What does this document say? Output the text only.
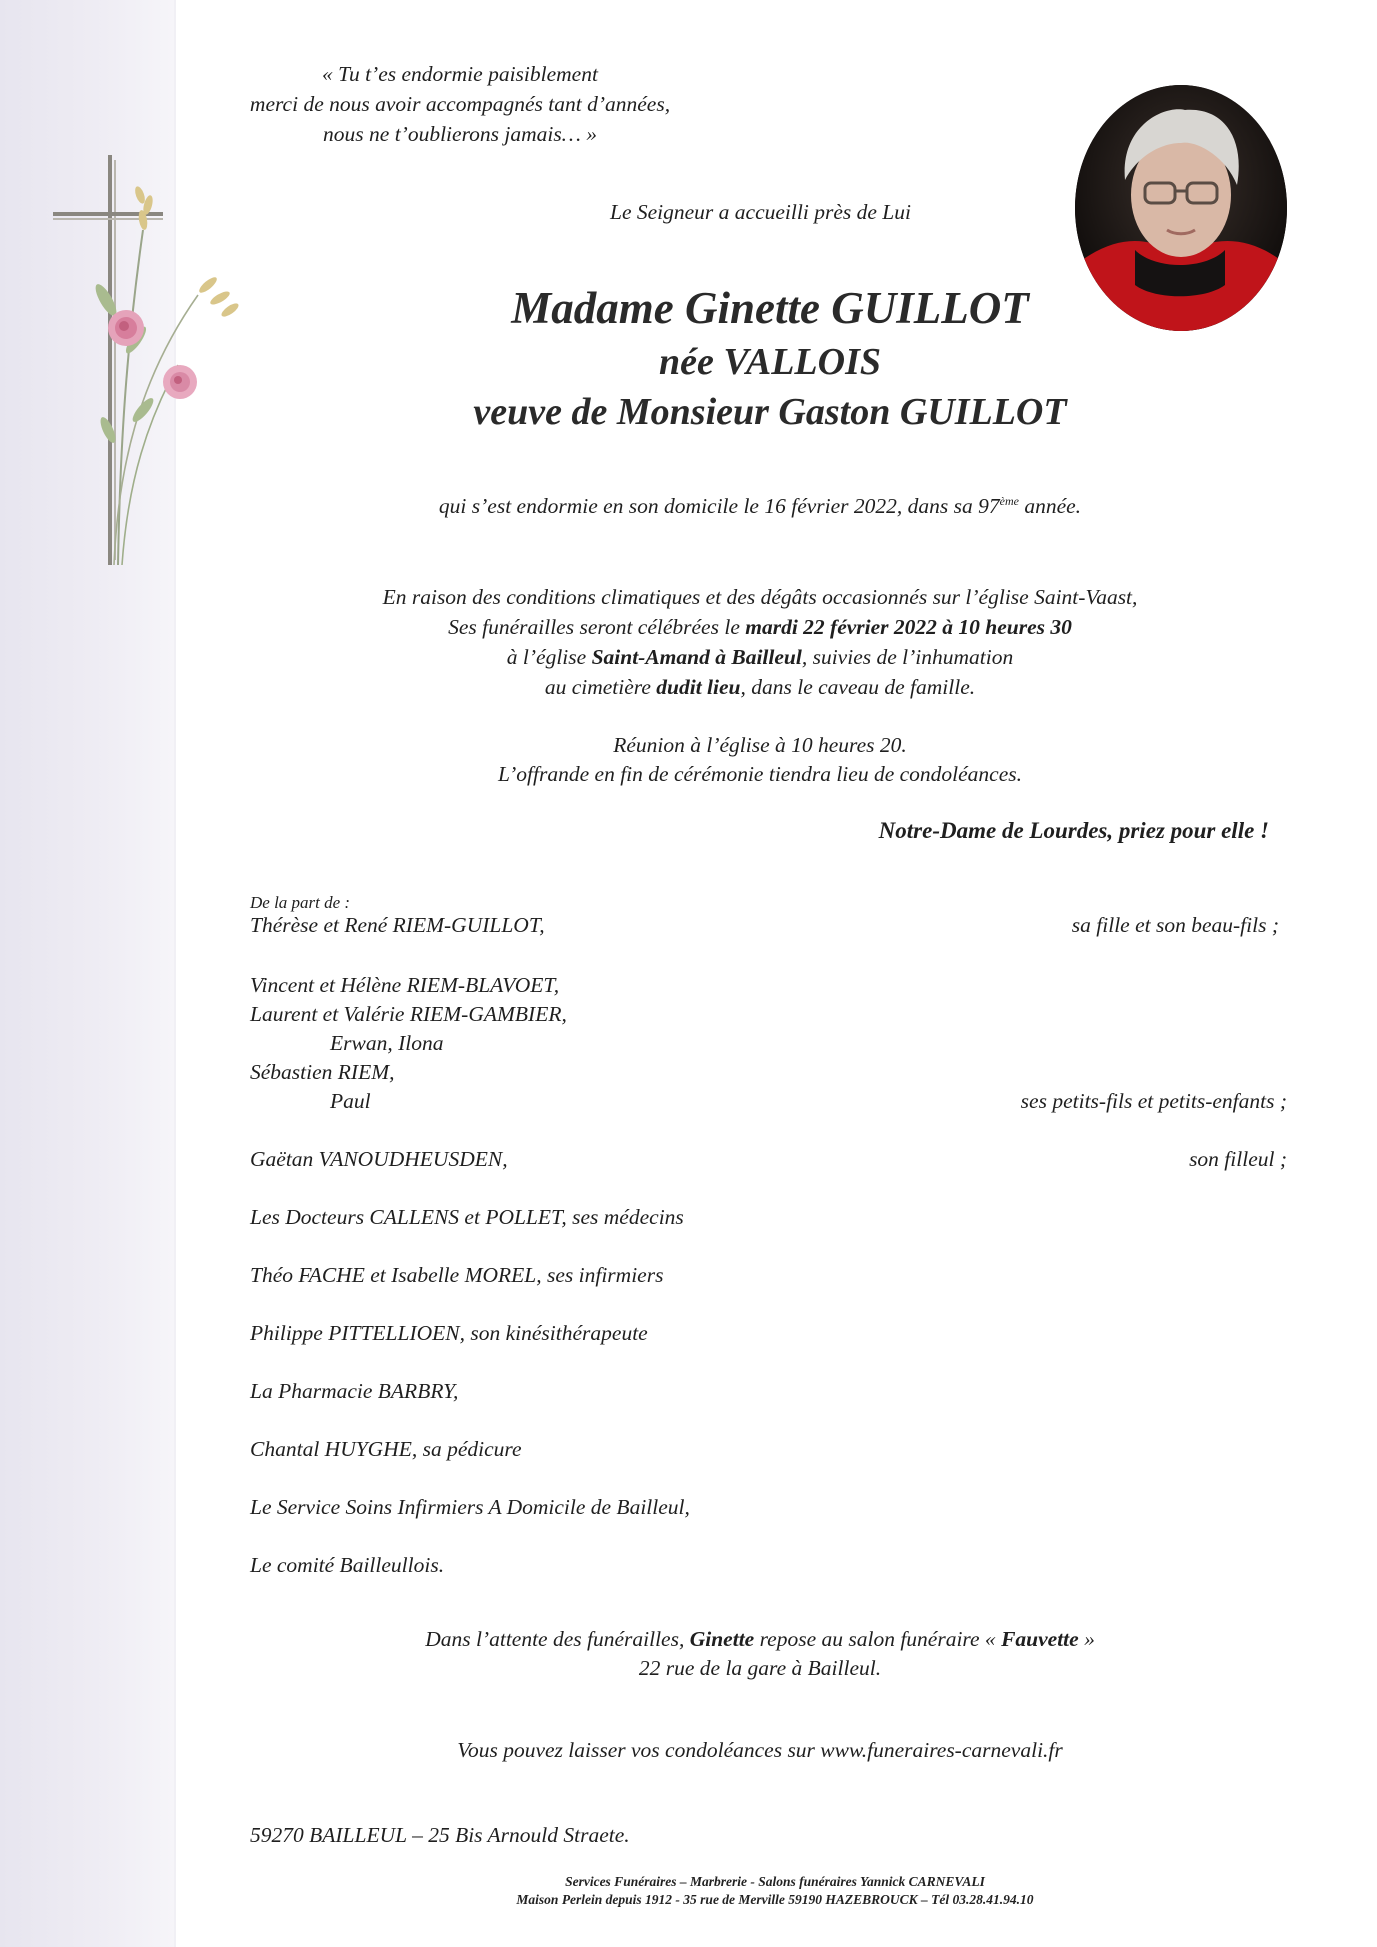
« Tu t’es endormie paisiblement
merci de nous avoir accompagnés tant d’années,
nous ne t’oublierons jamais… »
Le Seigneur a accueilli près de Lui
Madame Ginette GUILLOT
née VALLOIS
veuve de Monsieur Gaston GUILLOT
qui s’est endormie en son domicile le 16 février 2022, dans sa 97ème année.
En raison des conditions climatiques et des dégâts occasionnés sur l’église Saint-Vaast,
Ses funérailles seront célébrées le mardi 22 février 2022 à 10 heures 30
à l’église Saint-Amand à Bailleul, suivies de l’inhumation
au cimetière dudit lieu, dans le caveau de famille.
Réunion à l’église à 10 heures 20.
L’offrande en fin de cérémonie tiendra lieu de condoléances.
Notre-Dame de Lourdes, priez pour elle !
De la part de :
Thérèse et René RIEM-GUILLOT,	sa fille et son beau-fils ;
Vincent et Hélène RIEM-BLAVOET,
Laurent et Valérie RIEM-GAMBIER,
Erwan, Ilona
Sébastien RIEM,
Paul	ses petits-fils et petits-enfants ;
Gaëtan VANOUDHEUSDEN,	son filleul ;
Les Docteurs CALLENS et POLLET, ses médecins
Théo FACHE et Isabelle MOREL, ses infirmiers
Philippe PITTELLIOEN, son kinésithérapeute
La Pharmacie BARBRY,
Chantal HUYGHE, sa pédicure
Le Service Soins Infirmiers A Domicile de Bailleul,
Le comité Bailleullois.
Dans l’attente des funérailles, Ginette repose au salon funéraire « Fauvette »
22 rue de la gare à Bailleul.
Vous pouvez laisser vos condoléances sur www.funeraires-carnevali.fr
59270 BAILLEUL – 25 Bis Arnould Straete.
Services Funéraires – Marbrerie - Salons funéraires Yannick CARNEVALI
Maison Perlein depuis 1912 - 35 rue de Merville 59190 HAZEBROUCK – Tél 03.28.41.94.10
